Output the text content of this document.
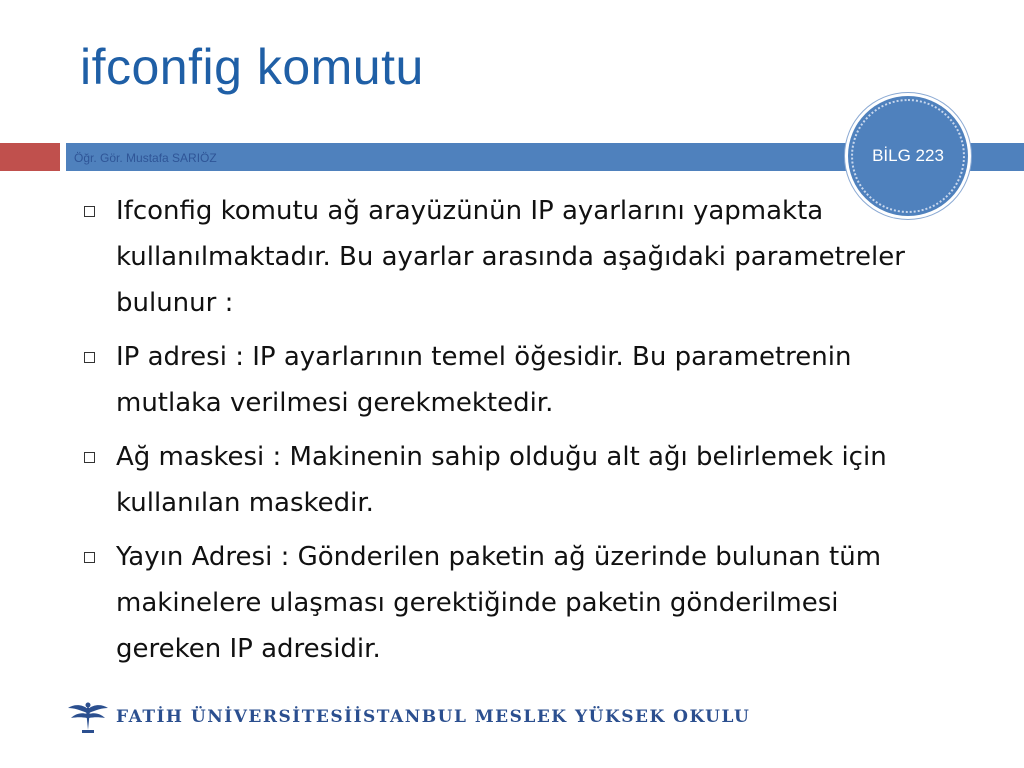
ifconfig komutu
Öğr. Gör. Mustafa SARIÖZ	BİLG 223
Ifconfig komutu ağ arayüzünün IP ayarlarını yapmakta kullanılmaktadır. Bu ayarlar arasında aşağıdaki parametreler bulunur :
IP adresi : IP ayarlarının temel öğesidir. Bu parametrenin mutlaka verilmesi gerekmektedir.
Ağ maskesi : Makinenin sahip olduğu alt ağı belirlemek için kullanılan maskedir.
Yayın Adresi : Gönderilen paketin ağ üzerinde bulunan tüm makinelere ulaşması gerektiğinde paketin gönderilmesi gereken IP adresidir.
FATİH ÜNİVERSİTESİ İSTANBUL MESLEK YÜKSEK OKULU
